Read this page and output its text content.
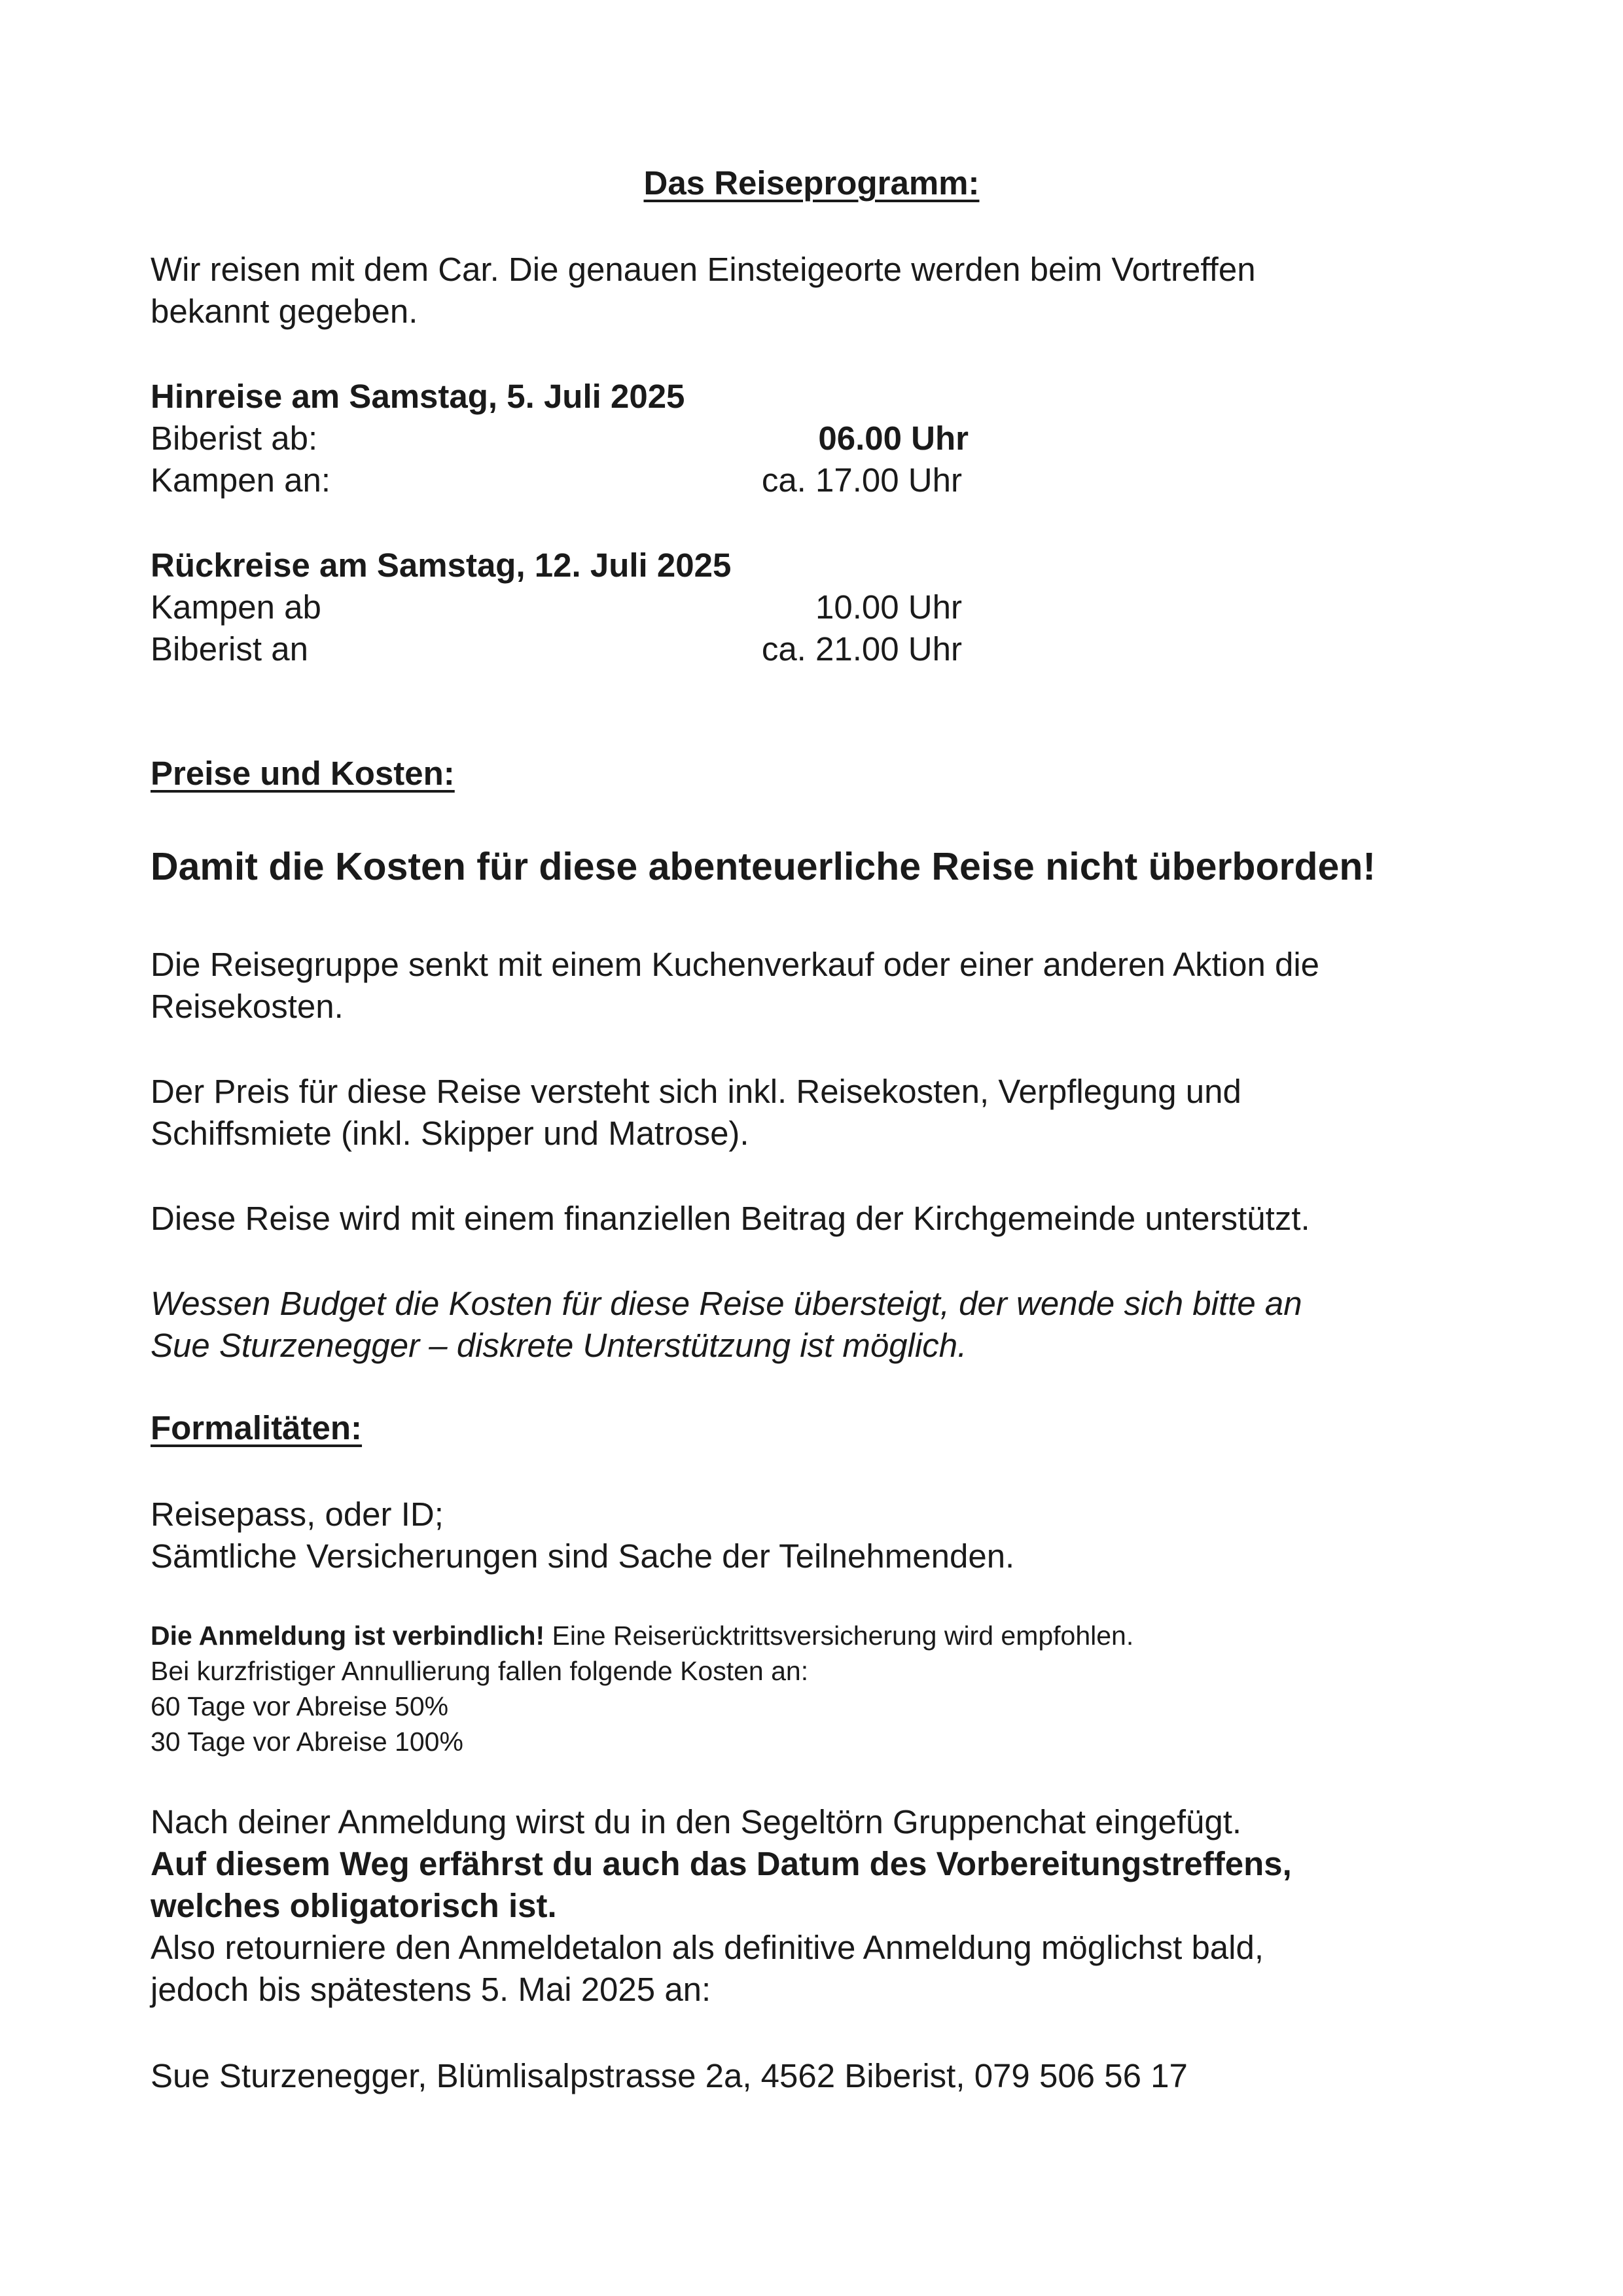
Das Reiseprogramm:

Wir reisen mit dem Car. Die genauen Einsteigeorte werden beim Vortreffen
bekannt gegeben.

Hinreise am Samstag, 5. Juli 2025

Biberist ab:	06.00 Uhr
Kampen an:	ca. 17.00 Uhr

Rückreise am Samstag, 12. Juli 2025

Kampen ab	10.00 Uhr
Biberist an	ca. 21.00 Uhr

Preise und Kosten:

Damit die Kosten für diese abenteuerliche Reise nicht überborden!

Die Reisegruppe senkt mit einem Kuchenverkauf oder einer anderen Aktion die
Reisekosten.

Der Preis für diese Reise versteht sich inkl. Reisekosten, Verpflegung und
Schiffsmiete (inkl. Skipper und Matrose).

Diese Reise wird mit einem finanziellen Beitrag der Kirchgemeinde unterstützt.

Wessen Budget die Kosten für diese Reise übersteigt, der wende sich bitte an
Sue Sturzenegger – diskrete Unterstützung ist möglich.

Formalitäten:

Reisepass, oder ID;
Sämtliche Versicherungen sind Sache der Teilnehmenden.

Die Anmeldung ist verbindlich! Eine Reiserücktrittsversicherung wird empfohlen.
Bei kurzfristiger Annullierung fallen folgende Kosten an:
60 Tage vor Abreise 50%
30 Tage vor Abreise 100%

Nach deiner Anmeldung wirst du in den Segeltörn Gruppenchat eingefügt.
Auf diesem Weg erfährst du auch das Datum des Vorbereitungstreffens,
welches obligatorisch ist.
Also retourniere den Anmeldetalon als definitive Anmeldung möglichst bald,
jedoch bis spätestens 5. Mai 2025 an:

Sue Sturzenegger, Blümlisalpstrasse 2a, 4562 Biberist, 079 506 56 17
